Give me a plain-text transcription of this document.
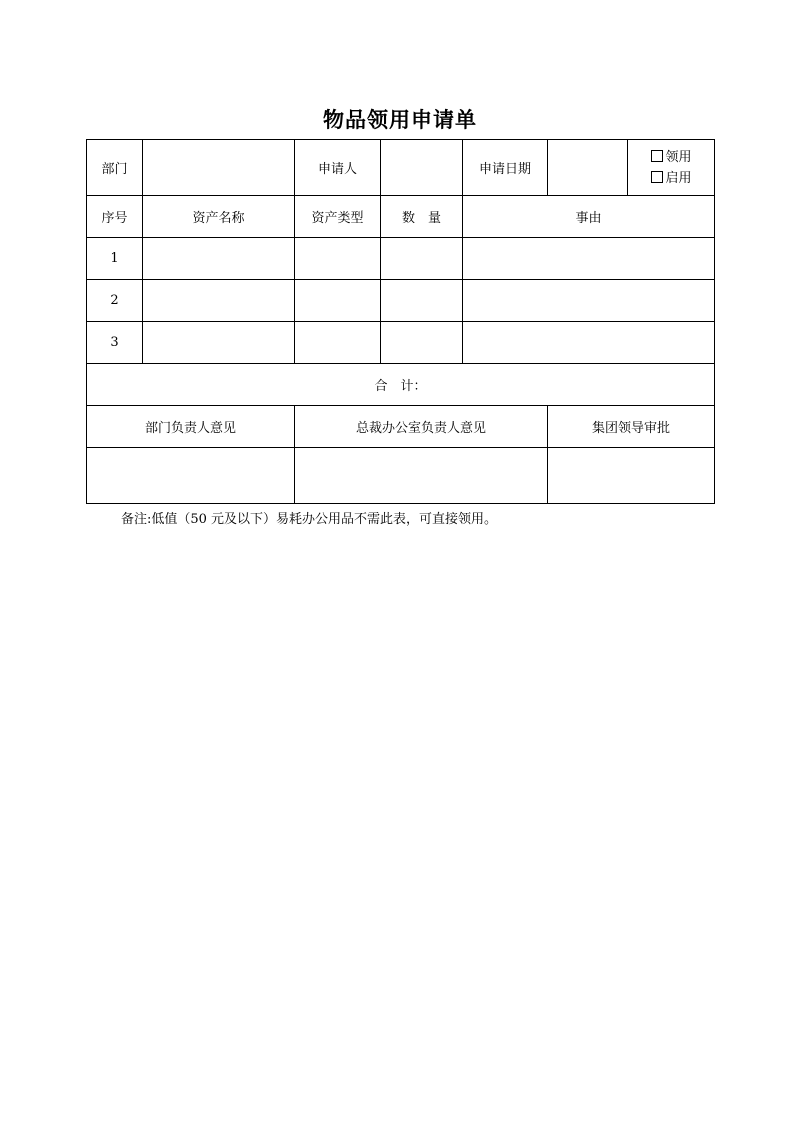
物品领用申请单
部门		申请人		申请日期		领用
启用

序号	资产名称	资产类型	数　量	事由		
1						
2						
3						
合　计：						
部门负责人意见		总裁办公室负责人意见			集团领导审批	

备注:低值（50 元及以下）易耗办公用品不需此表，可直接领用。
